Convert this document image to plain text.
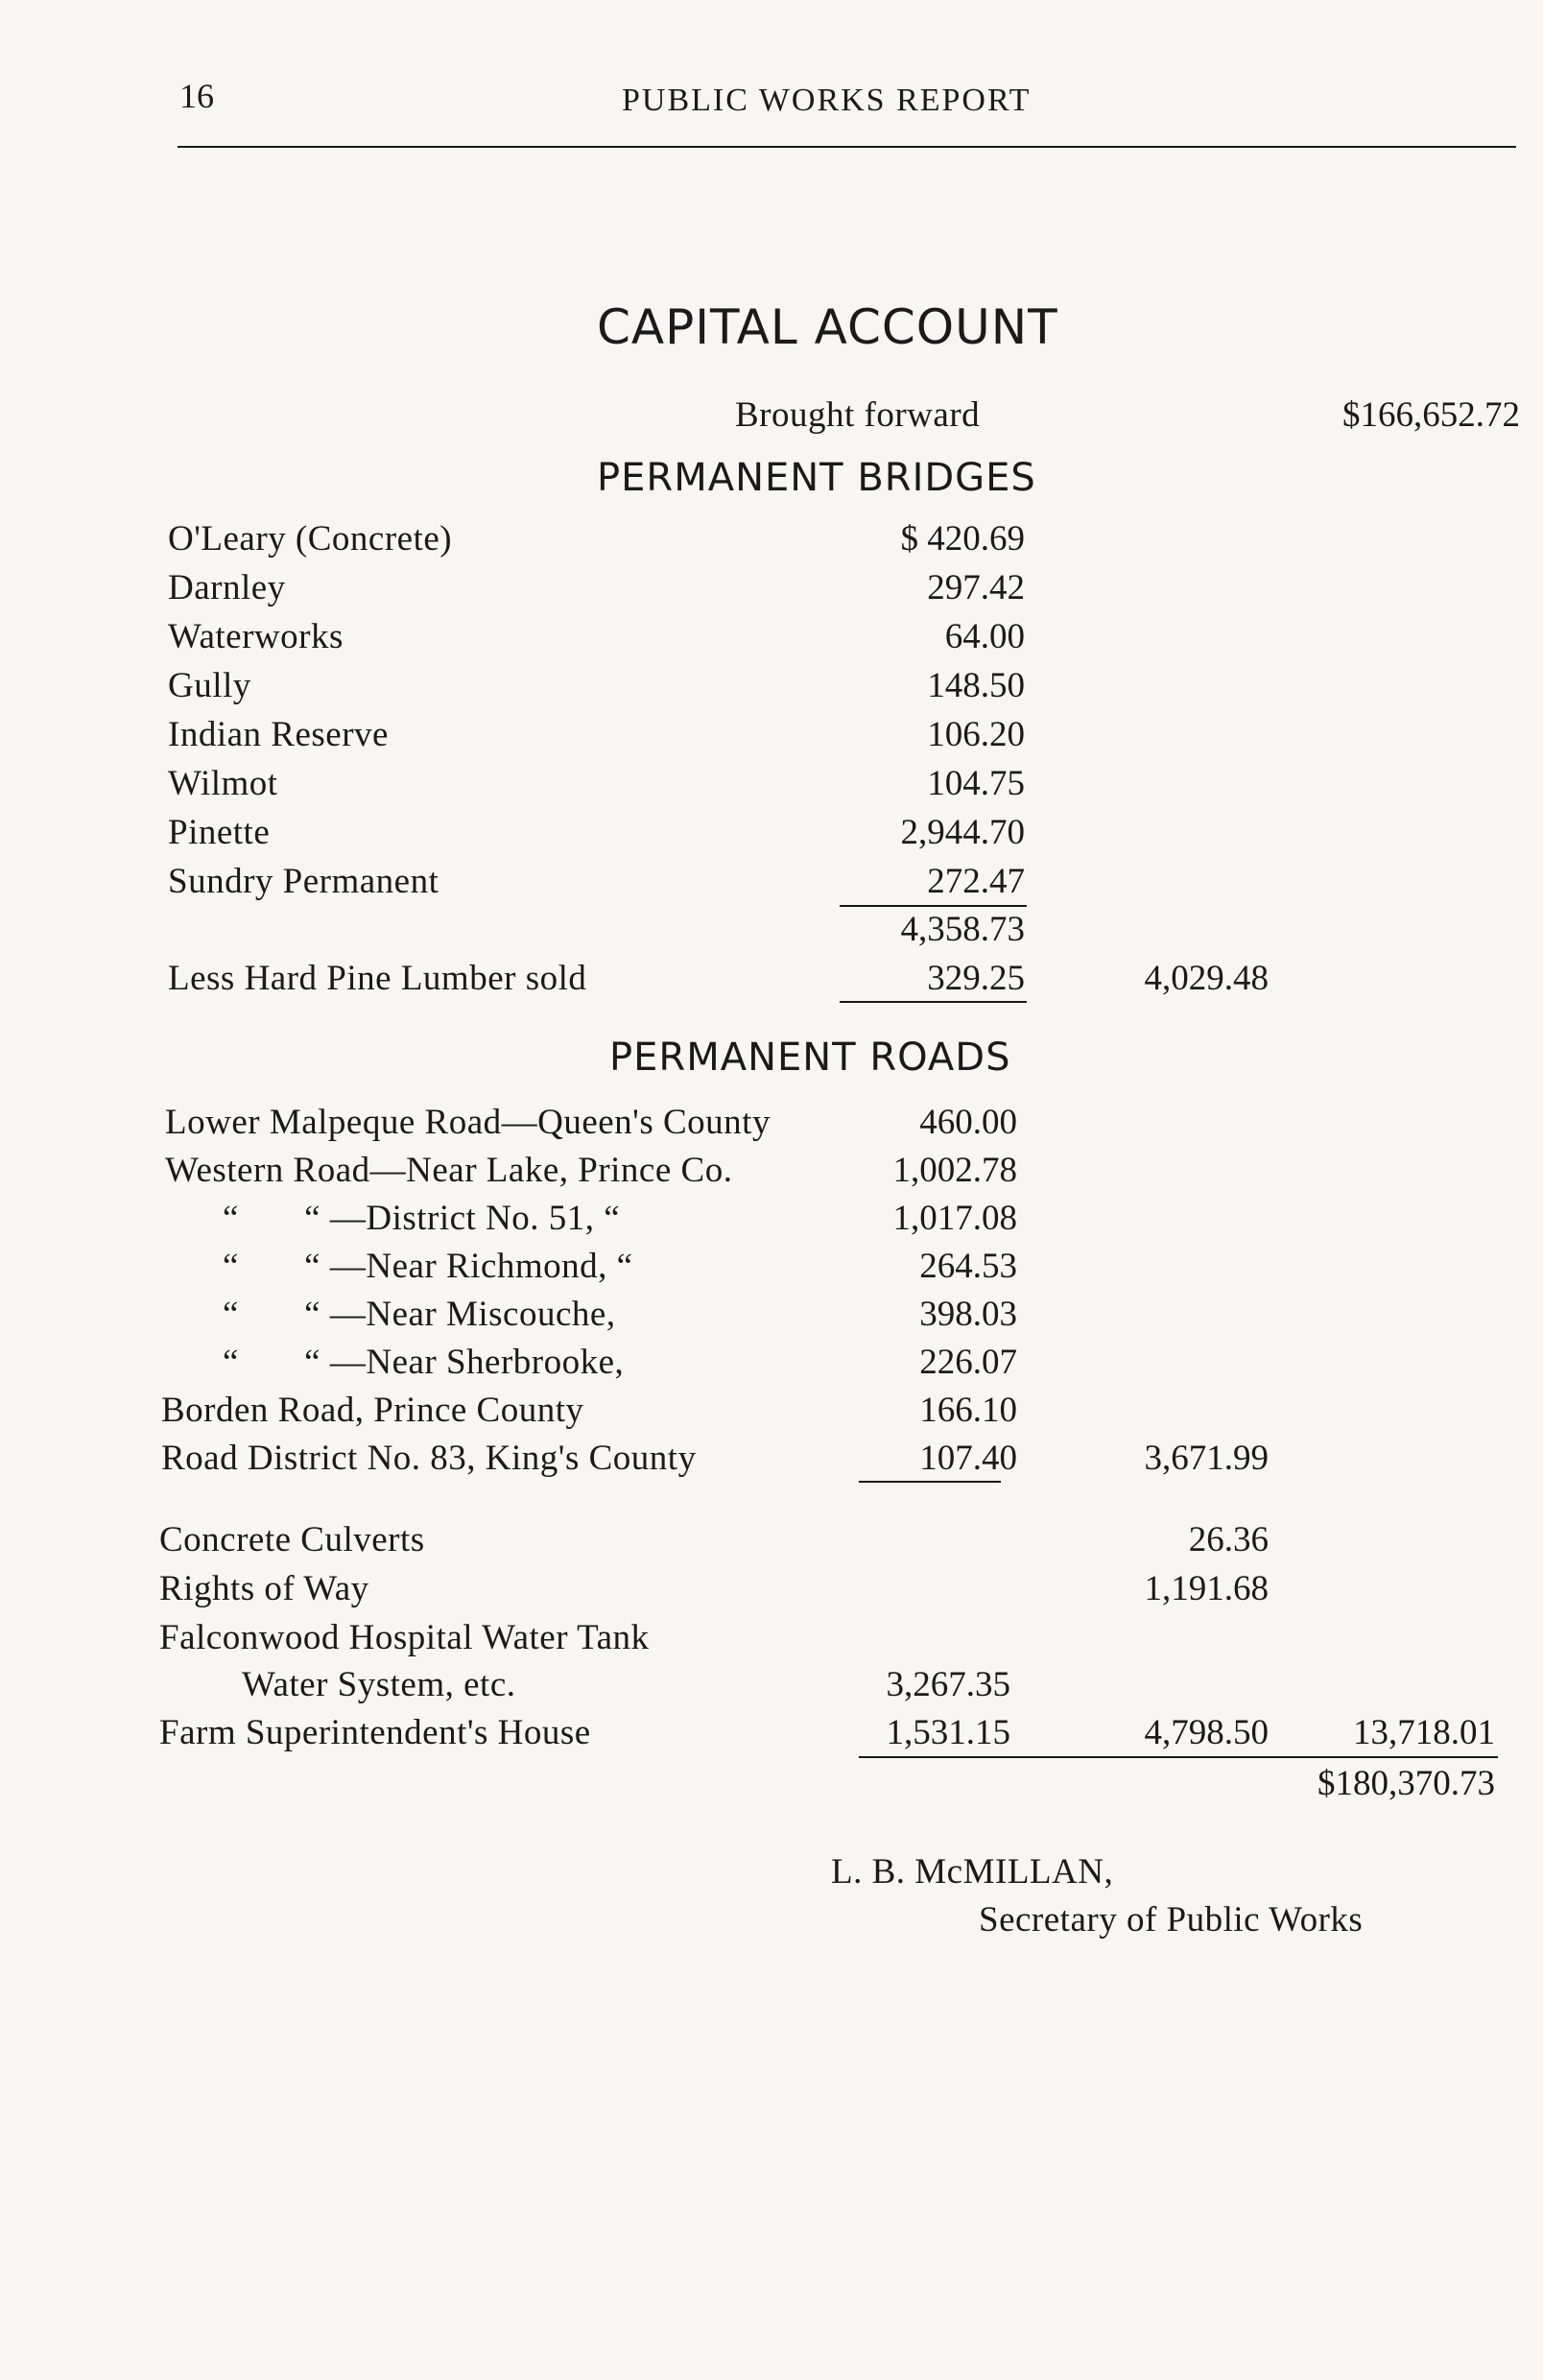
16	PUBLIC WORKS REPORT
CAPITAL ACCOUNT
Brought forward	$166,652.72
PERMANENT BRIDGES
O'Leary (Concrete)	$ 420.69
Darnley	297.42
Waterworks	64.00
Gully	148.50
Indian Reserve	106.20
Wilmot	104.75
Pinette	2,944.70
Sundry Permanent	272.47
4,358.73
Less Hard Pine Lumber sold	329.25	4,029.48
PERMANENT ROADS
Lower Malpeque Road—Queen's County	460.00
Western Road—Near Lake, Prince Co.	1,002.78
“       “ —District No. 51, “	1,017.08
“       “ —Near Richmond, “	264.53
“       “ —Near Miscouche,	398.03
“       “ —Near Sherbrooke,	226.07
Borden Road, Prince County	166.10
Road District No. 83, King's County	107.40	3,671.99
Concrete Culverts	26.36
Rights of Way	1,191.68
Falconwood Hospital Water Tank
Water System, etc.	3,267.35
Farm Superintendent's House	1,531.15	4,798.50 13,718.01
$180,370.73
L. B. McMILLAN,
Secretary of Public Works
